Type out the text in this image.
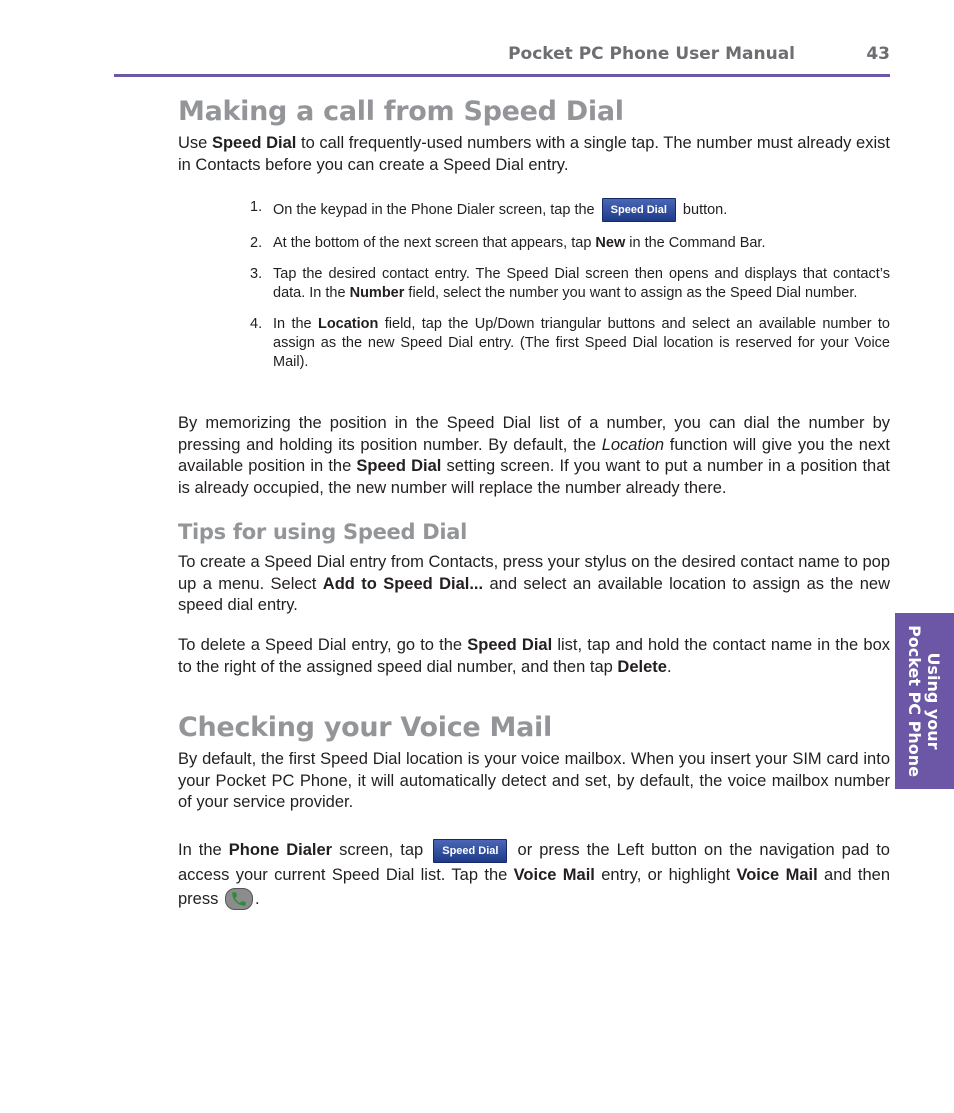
Pocket PC Phone User Manual	43
Making a call from Speed Dial

Use Speed Dial to call frequently-used numbers with a single tap. The number must already exist in Contacts before you can create a Speed Dial entry.

1. On the keypad in the Phone Dialer screen, tap the Speed Dial button.
2. At the bottom of the next screen that appears, tap New in the Command Bar.
3. Tap the desired contact entry. The Speed Dial screen then opens and displays that contact’s data. In the Number field, select the number you want to assign as the Speed Dial number.
4. In the Location field, tap the Up/Down triangular buttons and select an available number to assign as the new Speed Dial entry. (The first Speed Dial location is reserved for your Voice Mail).

By memorizing the position in the Speed Dial list of a number, you can dial the number by pressing and holding its position number. By default, the Location function will give you the next available position in the Speed Dial setting screen. If you want to put a number in a position that is already occupied, the new number will replace the number already there.

Tips for using Speed Dial

To create a Speed Dial entry from Contacts, press your stylus on the desired contact name to pop up a menu. Select Add to Speed Dial... and select an available location to assign as the new speed dial entry.

To delete a Speed Dial entry, go to the Speed Dial list, tap and hold the contact name in the box to the right of the assigned speed dial number, and then tap Delete.

Checking your Voice Mail

By default, the first Speed Dial location is your voice mailbox. When you insert your SIM card into your Pocket PC Phone, it will automatically detect and set, by default, the voice mailbox number of your service provider.

In the Phone Dialer screen, tap Speed Dial or press the Left button on the navigation pad to access your current Speed Dial list. Tap the Voice Mail entry, or highlight Voice Mail and then press
.

Using your
Pocket PC Phone
